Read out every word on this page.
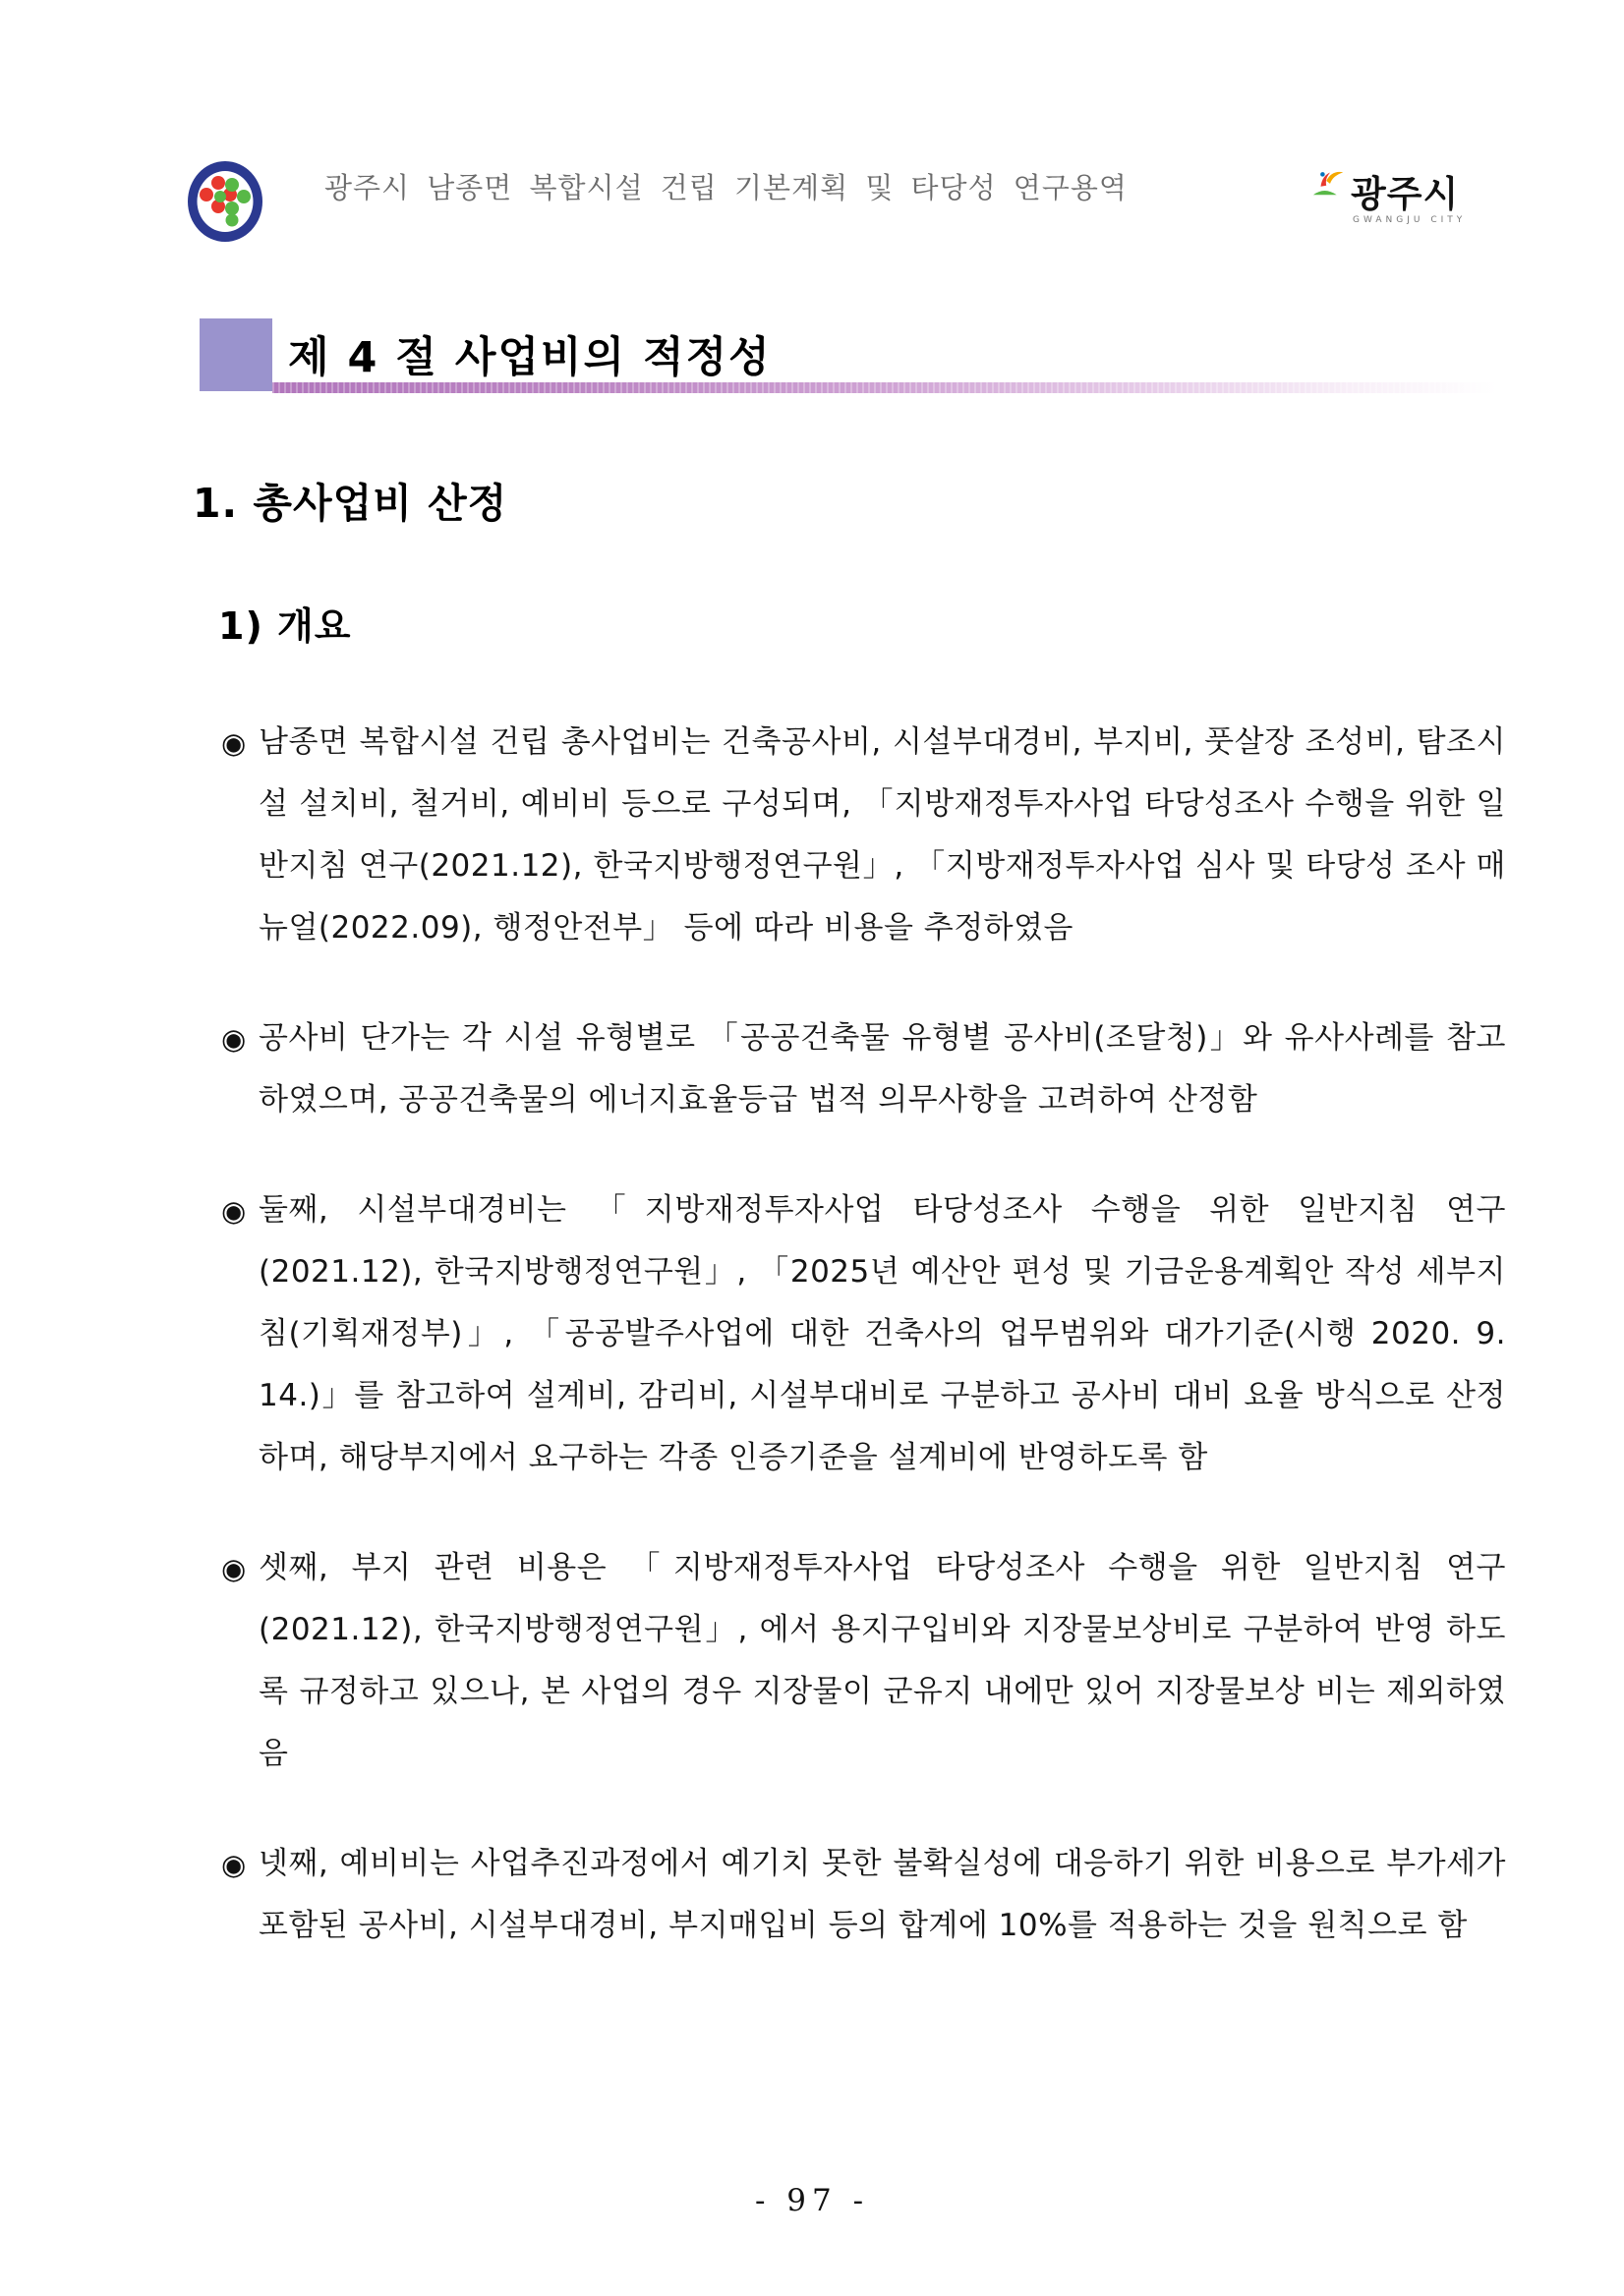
광주시 남종면 복합시설 건립 기본계획 및 타당성 연구용역	광주시
GWANGJU CITY
제 4 절 사업비의 적정성
1. 총사업비 산정
1) 개요
◉ 남종면 복합시설 건립 총사업비는 건축공사비, 시설부대경비, 부지비, 풋살장 조성비, 탐조시설 설치비, 철거비, 예비비 등으로 구성되며, 「지방재정투자사업 타당성조사 수행을 위한 일반지침 연구(2021.12), 한국지방행정연구원」, 「지방재정투자사업 심사 및 타당성 조사 매뉴얼(2022.09), 행정안전부」 등에 따라 비용을 추정하였음
◉ 공사비 단가는 각 시설 유형별로 「공공건축물 유형별 공사비(조달청)」와 유사사례를 참고하였으며, 공공건축물의 에너지효율등급 법적 의무사항을 고려하여 산정함
◉ 둘째, 시설부대경비는 「지방재정투자사업 타당성조사 수행을 위한 일반지침 연구 (2021.12), 한국지방행정연구원」, 「2025년 예산안 편성 및 기금운용계획안 작성 세부지침(기획재정부)」, 「공공발주사업에 대한 건축사의 업무범위와 대가기준(시행 2020. 9. 14.)」를 참고하여 설계비, 감리비, 시설부대비로 구분하고 공사비 대비 요율 방식으로 산정하며, 해당부지에서 요구하는 각종 인증기준을 설계비에 반영하도록 함
◉ 셋째, 부지 관련 비용은 「지방재정투자사업 타당성조사 수행을 위한 일반지침 연구 (2021.12), 한국지방행정연구원」, 에서 용지구입비와 지장물보상비로 구분하여 반영 하도록 규정하고 있으나, 본 사업의 경우 지장물이 군유지 내에만 있어 지장물보상 비는 제외하였음
◉ 넷째, 예비비는 사업추진과정에서 예기치 못한 불확실성에 대응하기 위한 비용으로 부가세가 포함된 공사비, 시설부대경비, 부지매입비 등의 합계에 10%를 적용하는 것을 원칙으로 함
- 97 -
